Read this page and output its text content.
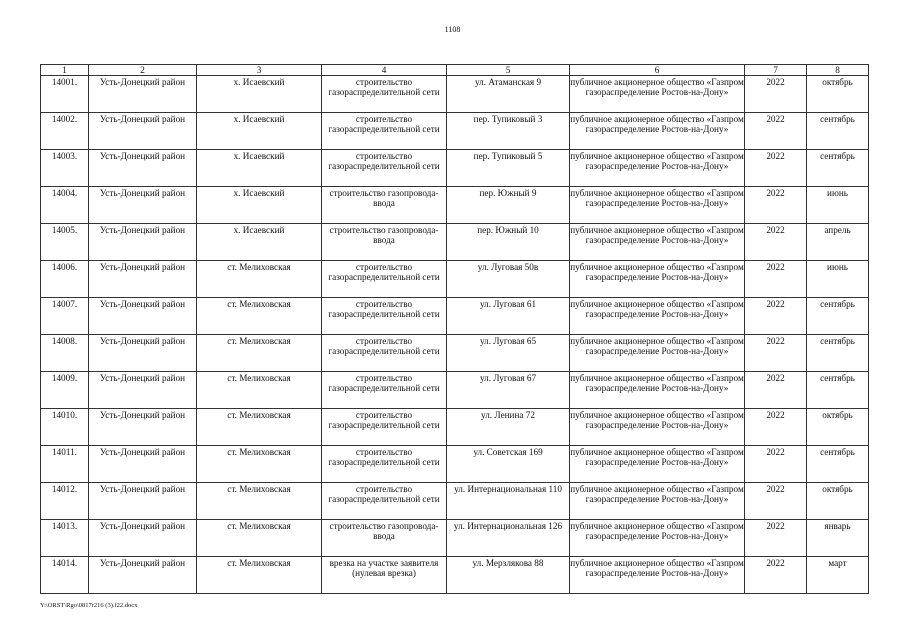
1108
1	2	3	4	5	6	7	8
14001.	Усть-Донецкий район	х. Исаевский	строительство газораспределительной сети	ул. Атаманская 9	публичное акционерное общество «Газпром газораспределение Ростов-на-Дону»	2022	октябрь
14002.	Усть-Донецкий район	х. Исаевский	строительство газораспределительной сети	пер. Тупиковый 3	публичное акционерное общество «Газпром газораспределение Ростов-на-Дону»	2022	сентябрь
14003.	Усть-Донецкий район	х. Исаевский	строительство газораспределительной сети	пер. Тупиковый 5	публичное акционерное общество «Газпром газораспределение Ростов-на-Дону»	2022	сентябрь
14004.	Усть-Донецкий район	х. Исаевский	строительство газопровода-ввода	пер. Южный 9	публичное акционерное общество «Газпром газораспределение Ростов-на-Дону»	2022	июнь
14005.	Усть-Донецкий район	х. Исаевский	строительство газопровода-ввода	пер. Южный 10	публичное акционерное общество «Газпром газораспределение Ростов-на-Дону»	2022	апрель
14006.	Усть-Донецкий район	ст. Мелиховская	строительство газораспределительной сети	ул. Луговая 50в	публичное акционерное общество «Газпром газораспределение Ростов-на-Дону»	2022	июнь
14007.	Усть-Донецкий район	ст. Мелиховская	строительство газораспределительной сети	ул. Луговая 61	публичное акционерное общество «Газпром газораспределение Ростов-на-Дону»	2022	сентябрь
14008.	Усть-Донецкий район	ст. Мелиховская	строительство газораспределительной сети	ул. Луговая 65	публичное акционерное общество «Газпром газораспределение Ростов-на-Дону»	2022	сентябрь
14009.	Усть-Донецкий район	ст. Мелиховская	строительство газораспределительной сети	ул. Луговая 67	публичное акционерное общество «Газпром газораспределение Ростов-на-Дону»	2022	сентябрь
14010.	Усть-Донецкий район	ст. Мелиховская	строительство газораспределительной сети	ул. Ленина 72	публичное акционерное общество «Газпром газораспределение Ростов-на-Дону»	2022	октябрь
14011.	Усть-Донецкий район	ст. Мелиховская	строительство газораспределительной сети	ул. Советская 169	публичное акционерное общество «Газпром газораспределение Ростов-на-Дону»	2022	сентябрь
14012.	Усть-Донецкий район	ст. Мелиховская	строительство газораспределительной сети	ул. Интернациональная 110	публичное акционерное общество «Газпром газораспределение Ростов-на-Дону»	2022	октябрь
14013.	Усть-Донецкий район	ст. Мелиховская	строительство газопровода-ввода	ул. Интернациональная 126	публичное акционерное общество «Газпром газораспределение Ростов-на-Дону»	2022	январь
14014.	Усть-Донецкий район	ст. Мелиховская	врезка на участке заявителя (нулевая врезка)	ул. Мерзлякова 88	публичное акционерное общество «Газпром газораспределение Ростов-на-Дону»	2022	март
Y:\ORST\Rgo\0817r216 (3).f22.docx
